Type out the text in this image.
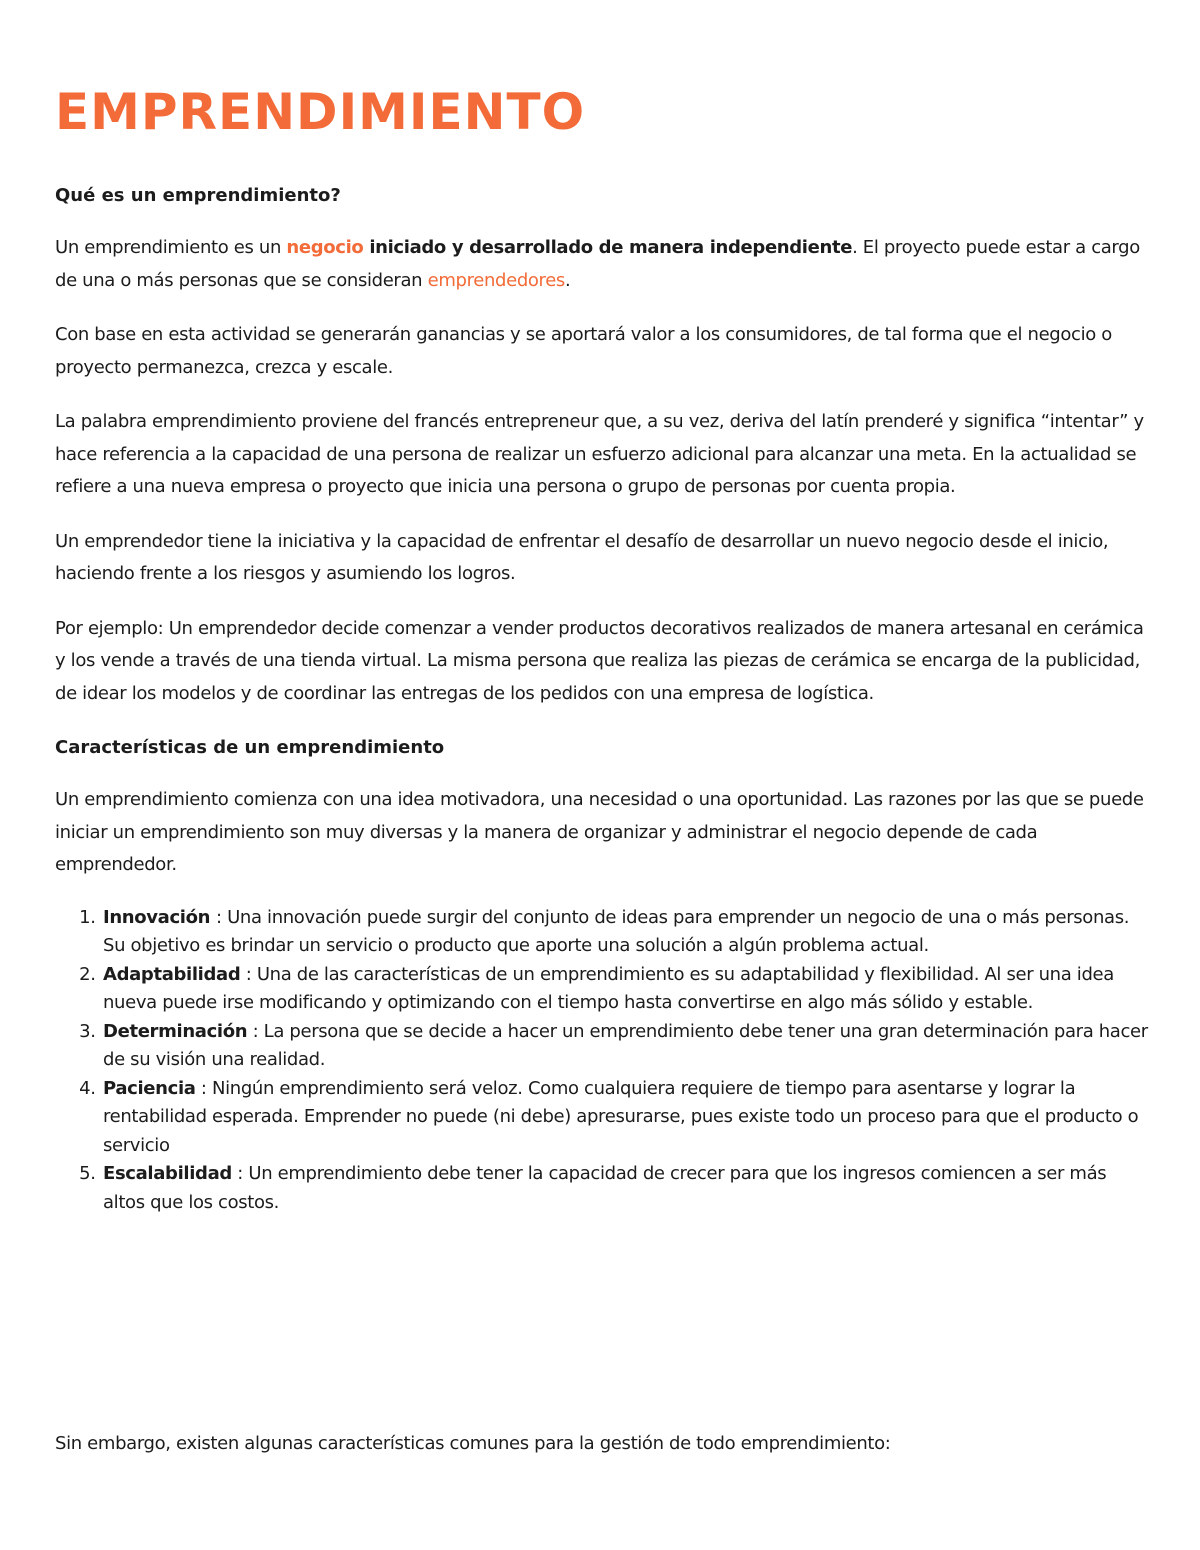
EMPRENDIMIENTO
Qué es un emprendimiento?

Un emprendimiento es un negocio iniciado y desarrollado de manera independiente. El proyecto puede estar a cargo de una o más personas que se consideran emprendedores.

Con base en esta actividad se generarán ganancias y se aportará valor a los consumidores, de tal forma que el negocio o proyecto permanezca, crezca y escale.

La palabra emprendimiento proviene del francés entrepreneur que, a su vez, deriva del latín prenderé y significa “intentar” y hace referencia a la capacidad de una persona de realizar un esfuerzo adicional para alcanzar una meta. En la actualidad se refiere a una nueva empresa o proyecto que inicia una persona o grupo de personas por cuenta propia.

Un emprendedor tiene la iniciativa y la capacidad de enfrentar el desafío de desarrollar un nuevo negocio desde el inicio, haciendo frente a los riesgos y asumiendo los logros.

Por ejemplo: Un emprendedor decide comenzar a vender productos decorativos realizados de manera artesanal en cerámica y los vende a través de una tienda virtual. La misma persona que realiza las piezas de cerámica se encarga de la publicidad, de idear los modelos y de coordinar las entregas de los pedidos con una empresa de logística.

Características de un emprendimiento

Un emprendimiento comienza con una idea motivadora, una necesidad o una oportunidad. Las razones por las que se puede iniciar un emprendimiento son muy diversas y la manera de organizar y administrar el negocio depende de cada emprendedor.

1. Innovación : Una innovación puede surgir del conjunto de ideas para emprender un negocio de una o más personas. Su objetivo es brindar un servicio o producto que aporte una solución a algún problema actual.
2. Adaptabilidad : Una de las características de un emprendimiento es su adaptabilidad y flexibilidad. Al ser una idea nueva puede irse modificando y optimizando con el tiempo hasta convertirse en algo más sólido y estable.
3. Determinación : La persona que se decide a hacer un emprendimiento debe tener una gran determinación para hacer de su visión una realidad.
4. Paciencia : Ningún emprendimiento será veloz. Como cualquiera requiere de tiempo para asentarse y lograr la rentabilidad esperada. Emprender no puede (ni debe) apresurarse, pues existe todo un proceso para que el producto o servicio
5. Escalabilidad : Un emprendimiento debe tener la capacidad de crecer para que los ingresos comiencen a ser más altos que los costos.

Sin embargo, existen algunas características comunes para la gestión de todo emprendimiento:
